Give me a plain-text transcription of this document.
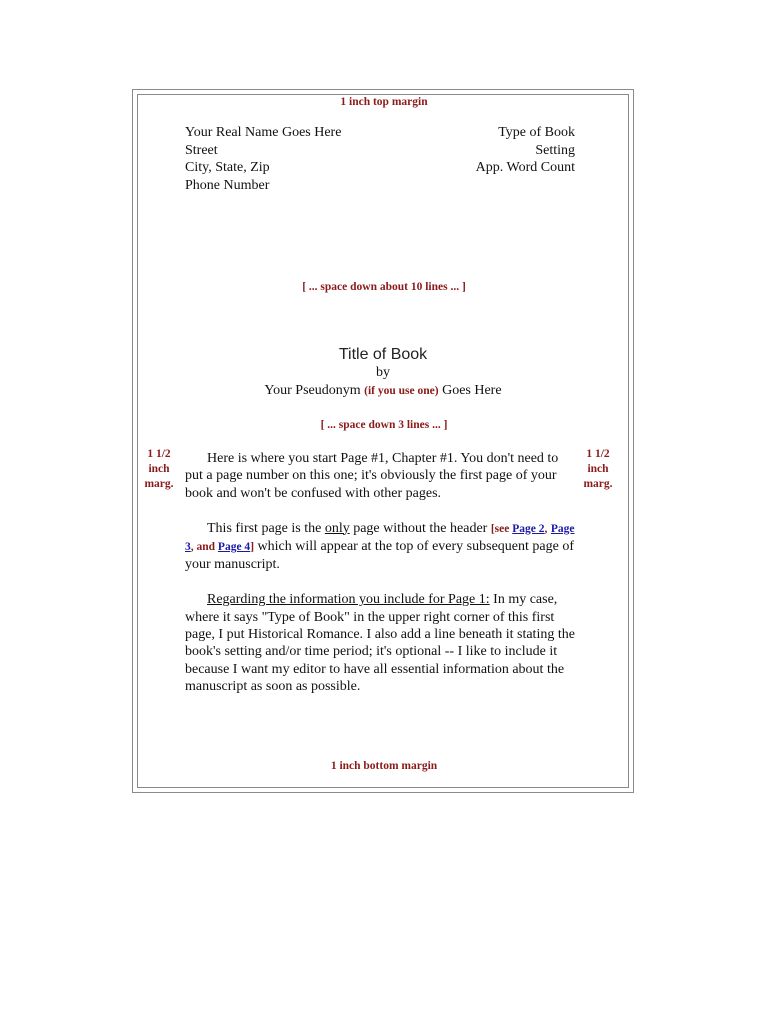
1 inch top margin
Your Real Name Goes Here
Street
City, State, Zip
Phone Number
Type of Book
Setting
App. Word Count
[ ... space down about 10 lines ... ]
Title of Book
by
Your Pseudonym (if you use one) Goes Here
[ ... space down 3 lines ... ]
1 1/2
inch
marg.
1 1/2
inch
marg.

Here is where you start Page #1, Chapter #1. You don't need to put a page number on this one; it's obviously the first page of your book and won't be confused with other pages.

This first page is the only page without the header [see Page 2, Page 3, and Page 4] which will appear at the top of every subsequent page of your manuscript.

Regarding the information you include for Page 1: In my case, where it says "Type of Book" in the upper right corner of this first page, I put Historical Romance. I also add a line beneath it stating the book's setting and/or time period; it's optional -- I like to include it because I want my editor to have all essential information about the manuscript as soon as possible.

1 inch bottom margin
